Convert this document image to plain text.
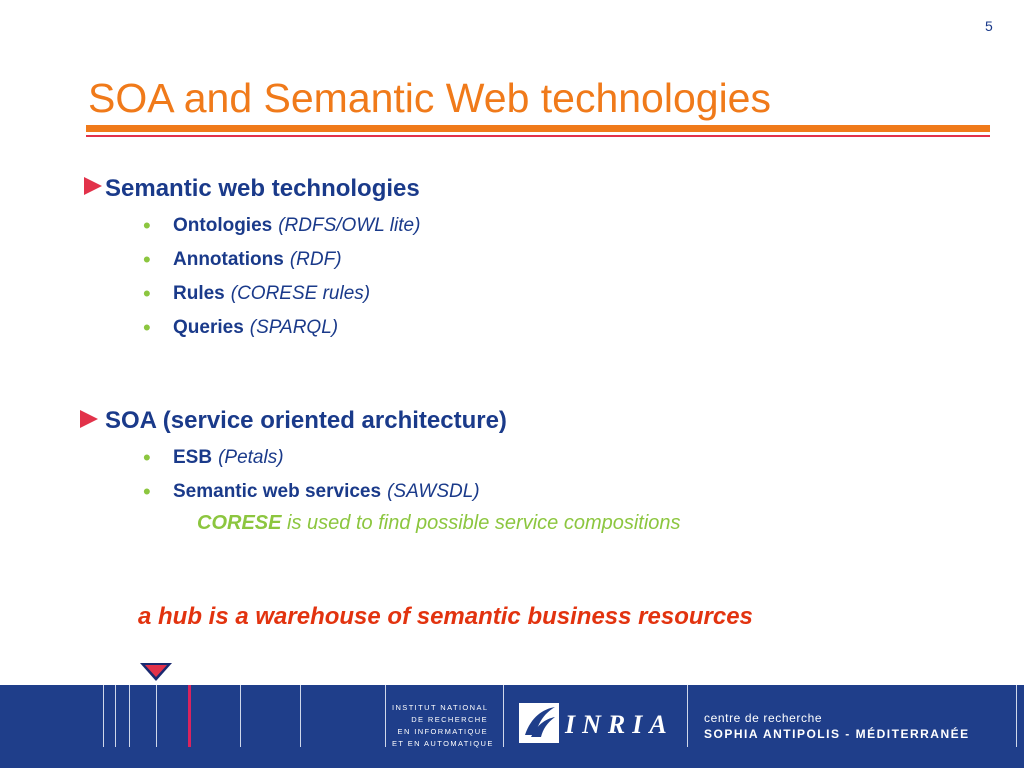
5
SOA and Semantic Web technologies
Semantic web technologies
•	Ontologies (RDFS/OWL lite)
•	Annotations (RDF)
•	Rules (CORESE rules)
•	Queries (SPARQL)
SOA (service oriented architecture)
•	ESB (Petals)
•	Semantic web services (SAWSDL)
CORESE is used to find possible service compositions
a hub is a warehouse of semantic business resources
INSTITUT NATIONAL
DE RECHERCHE
EN INFORMATIQUE
ET EN AUTOMATIQUE
INRIA	centre de recherche
SOPHIA ANTIPOLIS - MÉDITERRANÉE
